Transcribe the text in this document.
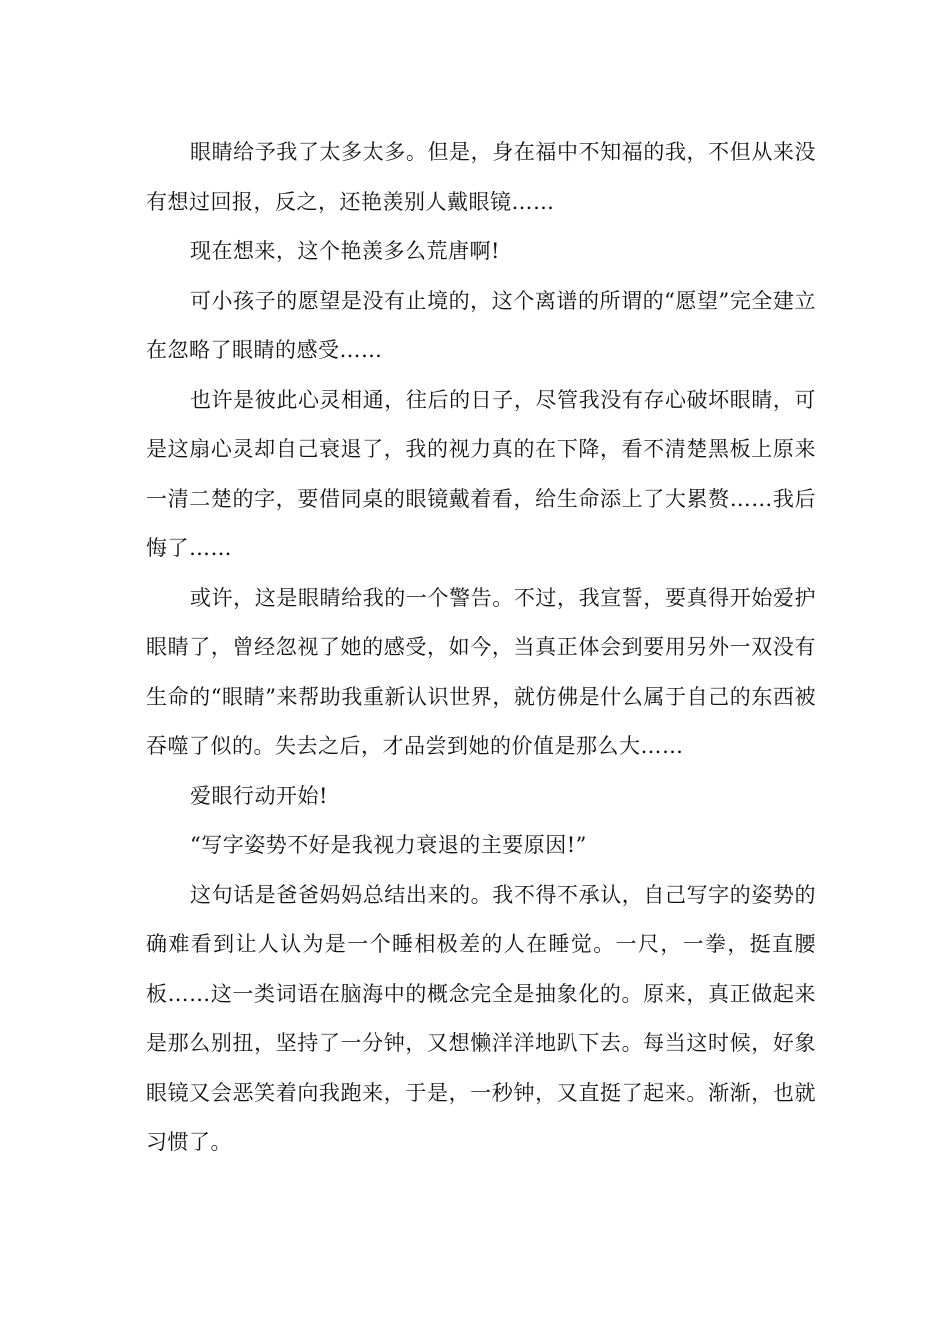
眼睛给予我了太多太多。但是，身在福中不知福的我，不但从来没有想过回报，反之，还艳羡别人戴眼镜……

现在想来，这个艳羡多么荒唐啊!

可小孩子的愿望是没有止境的，这个离谱的所谓的“愿望”完全建立在忽略了眼睛的感受……

也许是彼此心灵相通，往后的日子，尽管我没有存心破坏眼睛，可是这扇心灵却自己衰退了，我的视力真的在下降，看不清楚黑板上原来一清二楚的字，要借同桌的眼镜戴着看，给生命添上了大累赘……我后悔了……

或许，这是眼睛给我的一个警告。不过，我宣誓，要真得开始爱护眼睛了，曾经忽视了她的感受，如今，当真正体会到要用另外一双没有生命的“眼睛”来帮助我重新认识世界，就仿佛是什么属于自己的东西被吞噬了似的。失去之后，才品尝到她的价值是那么大……

爱眼行动开始!

“写字姿势不好是我视力衰退的主要原因!”

这句话是爸爸妈妈总结出来的。我不得不承认，自己写字的姿势的确难看到让人认为是一个睡相极差的人在睡觉。一尺，一拳，挺直腰板……这一类词语在脑海中的概念完全是抽象化的。原来，真正做起来是那么别扭，坚持了一分钟，又想懒洋洋地趴下去。每当这时候，好象眼镜又会恶笑着向我跑来，于是，一秒钟，又直挺了起来。渐渐，也就习惯了。
